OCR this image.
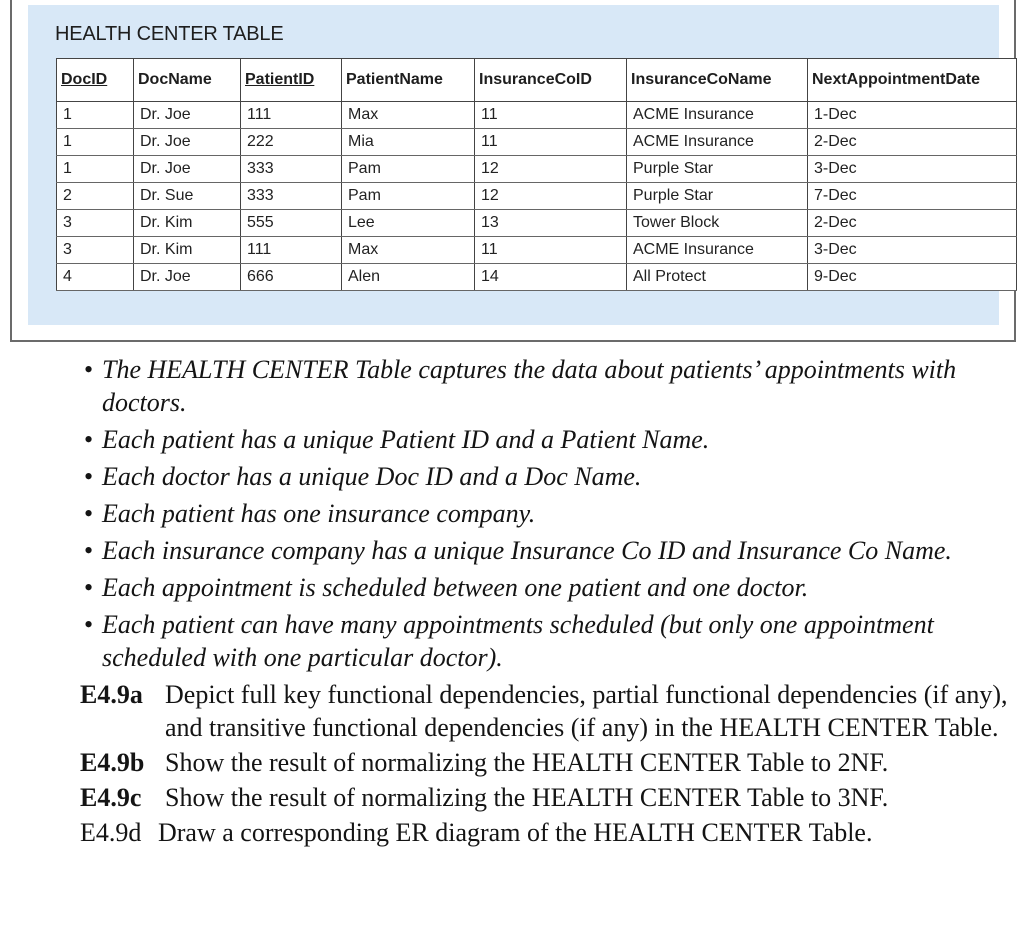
HEALTH CENTER TABLE
DocID	DocName	PatientID	PatientName	InsuranceCoID	InsuranceCoName	NextAppointmentDate
1	Dr. Joe	111	Max	11	ACME Insurance	1-Dec
1	Dr. Joe	222	Mia	11	ACME Insurance	2-Dec
1	Dr. Joe	333	Pam	12	Purple Star	3-Dec
2	Dr. Sue	333	Pam	12	Purple Star	7-Dec
3	Dr. Kim	555	Lee	13	Tower Block	2-Dec
3	Dr. Kim	111	Max	11	ACME Insurance	3-Dec
4	Dr. Joe	666	Alen	14	All Protect	9-Dec
• The HEALTH CENTER Table captures the data about patients’ appointments with doctors.
• Each patient has a unique Patient ID and a Patient Name.
• Each doctor has a unique Doc ID and a Doc Name.
• Each patient has one insurance company.
• Each insurance company has a unique Insurance Co ID and Insurance Co Name.
• Each appointment is scheduled between one patient and one doctor.
• Each patient can have many appointments scheduled (but only one appointment scheduled with one particular doctor).
E4.9a Depict full key functional dependencies, partial functional dependencies (if any), and transitive functional dependencies (if any) in the HEALTH CENTER Table.
E4.9b Show the result of normalizing the HEALTH CENTER Table to 2NF.
E4.9c Show the result of normalizing the HEALTH CENTER Table to 3NF.
E4.9d Draw a corresponding ER diagram of the HEALTH CENTER Table.
